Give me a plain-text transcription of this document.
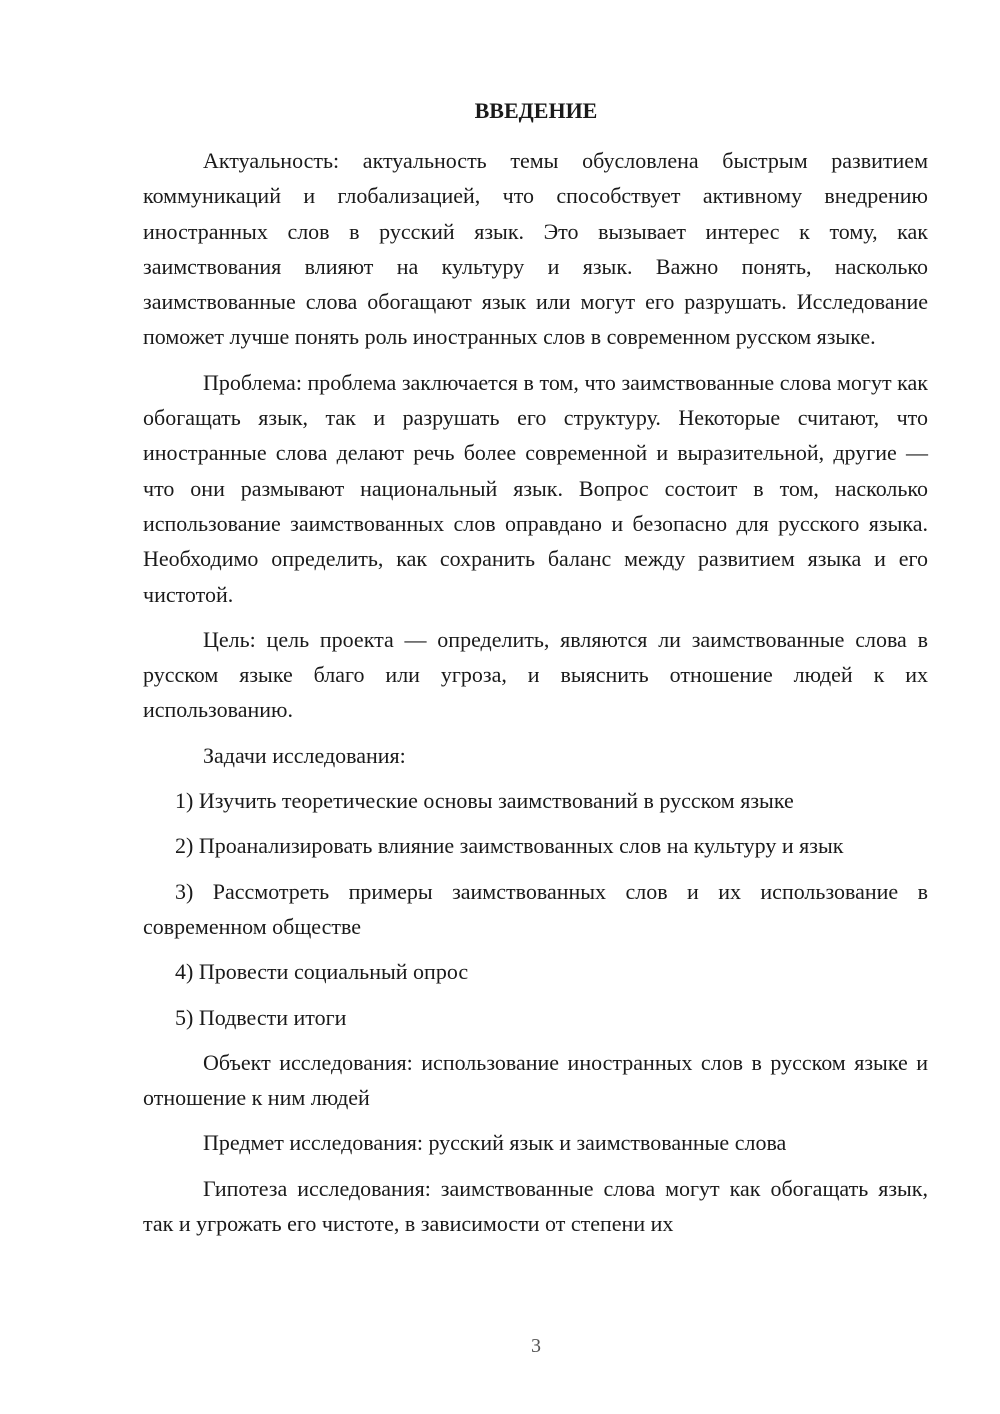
ВВЕДЕНИЕ

Актуальность: актуальность темы обусловлена быстрым развитием коммуникаций и глобализацией, что способствует активному внедрению иностранных слов в русский язык. Это вызывает интерес к тому, как заимствования влияют на культуру и язык. Важно понять, насколько заимствованные слова обогащают язык или могут его разрушать. Исследование поможет лучше понять роль иностранных слов в современном русском языке.

Проблема: проблема заключается в том, что заимствованные слова могут как обогащать язык, так и разрушать его структуру. Некоторые считают, что иностранные слова делают речь более современной и выразительной, другие — что они размывают национальный язык. Вопрос состоит в том, насколько использование заимствованных слов оправдано и безопасно для русского языка. Необходимо определить, как сохранить баланс между развитием языка и его чистотой.

Цель: цель проекта — определить, являются ли заимствованные слова в русском языке благо или угроза, и выяснить отношение людей к их использованию.

Задачи исследования:

1) Изучить теоретические основы заимствований в русском языке

2) Проанализировать влияние заимствованных слов на культуру и язык

3) Рассмотреть примеры заимствованных слов и их использование в современном обществе

4) Провести социальный опрос

5) Подвести итоги

Объект исследования: использование иностранных слов в русском языке и отношение к ним людей

Предмет исследования: русский язык и заимствованные слова

Гипотеза исследования: заимствованные слова могут как обогащать язык, так и угрожать его чистоте, в зависимости от степени их

3
